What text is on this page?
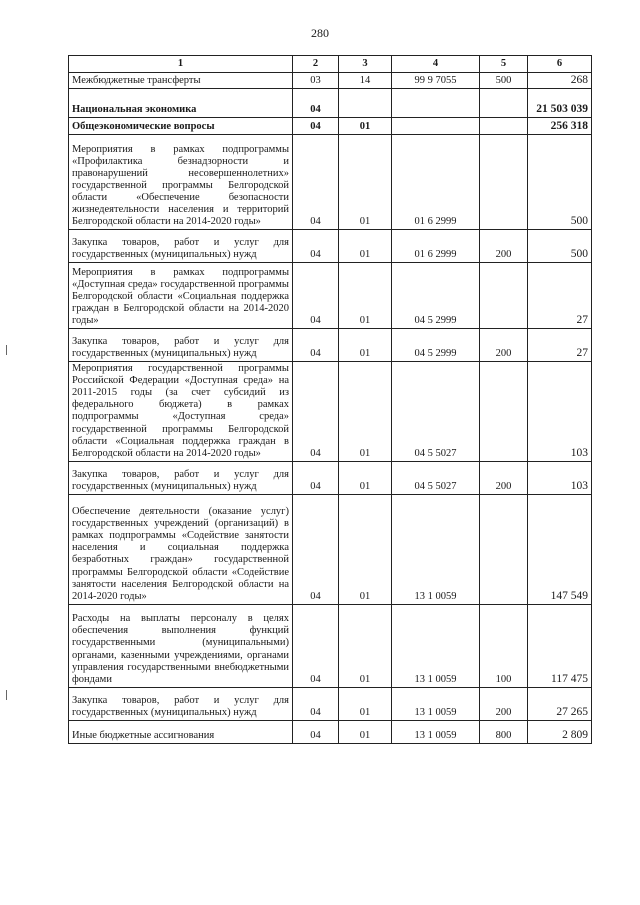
280
1	2	3	4	5	6
Межбюджетные трансферты	03	14	99 9 7055	500	268
Национальная экономика	04				21 503 039
Общеэкономические вопросы	04	01			256 318
Мероприятия в рамках подпрограммы «Профилактика безнадзорности и правонарушений несовершеннолетних» государственной программы Белгородской области «Обеспечение безопасности жизнедеятельности населения и территорий Белгородской области на 2014-2020 годы»	04	01	01 6 2999		500
Закупка товаров, работ и услуг для государственных (муниципальных) нужд	04	01	01 6 2999	200	500
Мероприятия в рамках подпрограммы «Доступная среда» государственной программы Белгородской области «Социальная поддержка граждан в Белгородской области на 2014-2020 годы»	04	01	04 5 2999		27
Закупка товаров, работ и услуг для государственных (муниципальных) нужд	04	01	04 5 2999	200	27
Мероприятия государственной программы Российской Федерации «Доступная среда» на 2011-2015 годы (за счет субсидий из федерального бюджета) в рамках подпрограммы «Доступная среда» государственной программы Белгородской области «Социальная поддержка граждан в Белгородской области на 2014-2020 годы»	04	01	04 5 5027		103
Закупка товаров, работ и услуг для государственных (муниципальных) нужд	04	01	04 5 5027	200	103
Обеспечение деятельности (оказание услуг) государственных учреждений (организаций) в рамках подпрограммы «Содействие занятости населения и социальная поддержка безработных граждан» государственной программы Белгородской области «Содействие занятости населения Белгородской области на 2014-2020 годы»	04	01	13 1 0059		147 549
Расходы на выплаты персоналу в целях обеспечения выполнения функций государственными (муниципальными) органами, казенными учреждениями, органами управления государственными внебюджетными фондами	04	01	13 1 0059	100	117 475
Закупка товаров, работ и услуг для государственных (муниципальных) нужд	04	01	13 1 0059	200	27 265
Иные бюджетные ассигнования	04	01	13 1 0059	800	2 809
